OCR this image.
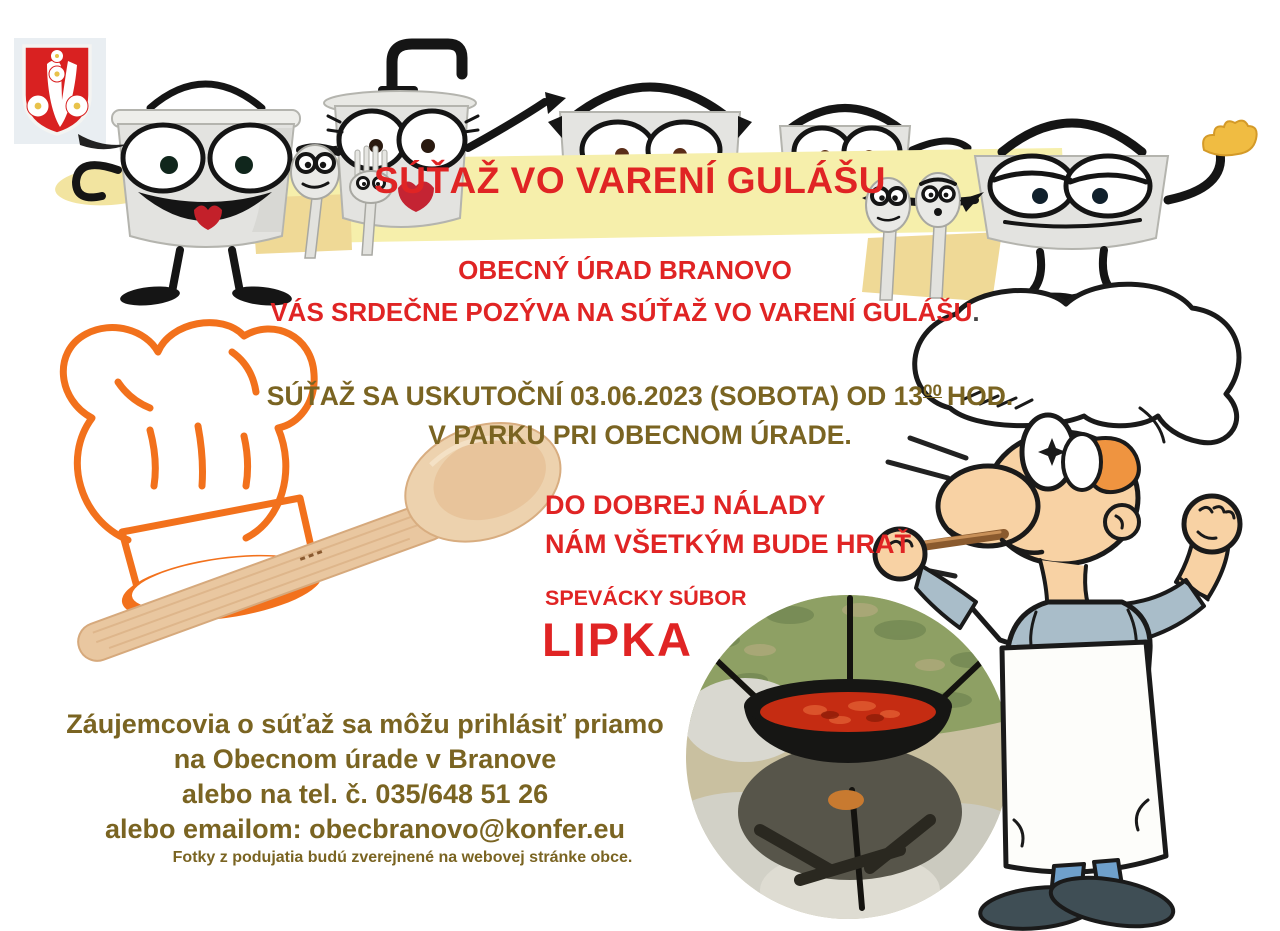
SÚŤAŽ VO VARENÍ GULÁŠU
OBECNÝ ÚRAD BRANOVO
VÁS SRDEČNE POZÝVA NA SÚŤAŽ VO VARENÍ GULÁŠU.
SÚŤAŽ SA USKUTOČNÍ 03.06.2023 (SOBOTA) OD $13^{00}$ HOD.
V PARKU PRI OBECNOM ÚRADE.
DO DOBREJ NÁLADY
NÁM VŠETKÝM BUDE HRAŤ
SPEVÁCKY SÚBOR
LIPKA
Záujemcovia o súťaž sa môžu prihlásiť priamo
na Obecnom úrade v Branove
alebo na tel. č. 035/648 51 26
alebo emailom: obecbranovo@konfer.eu
Fotky z podujatia budú zverejnené na webovej stránke obce.
